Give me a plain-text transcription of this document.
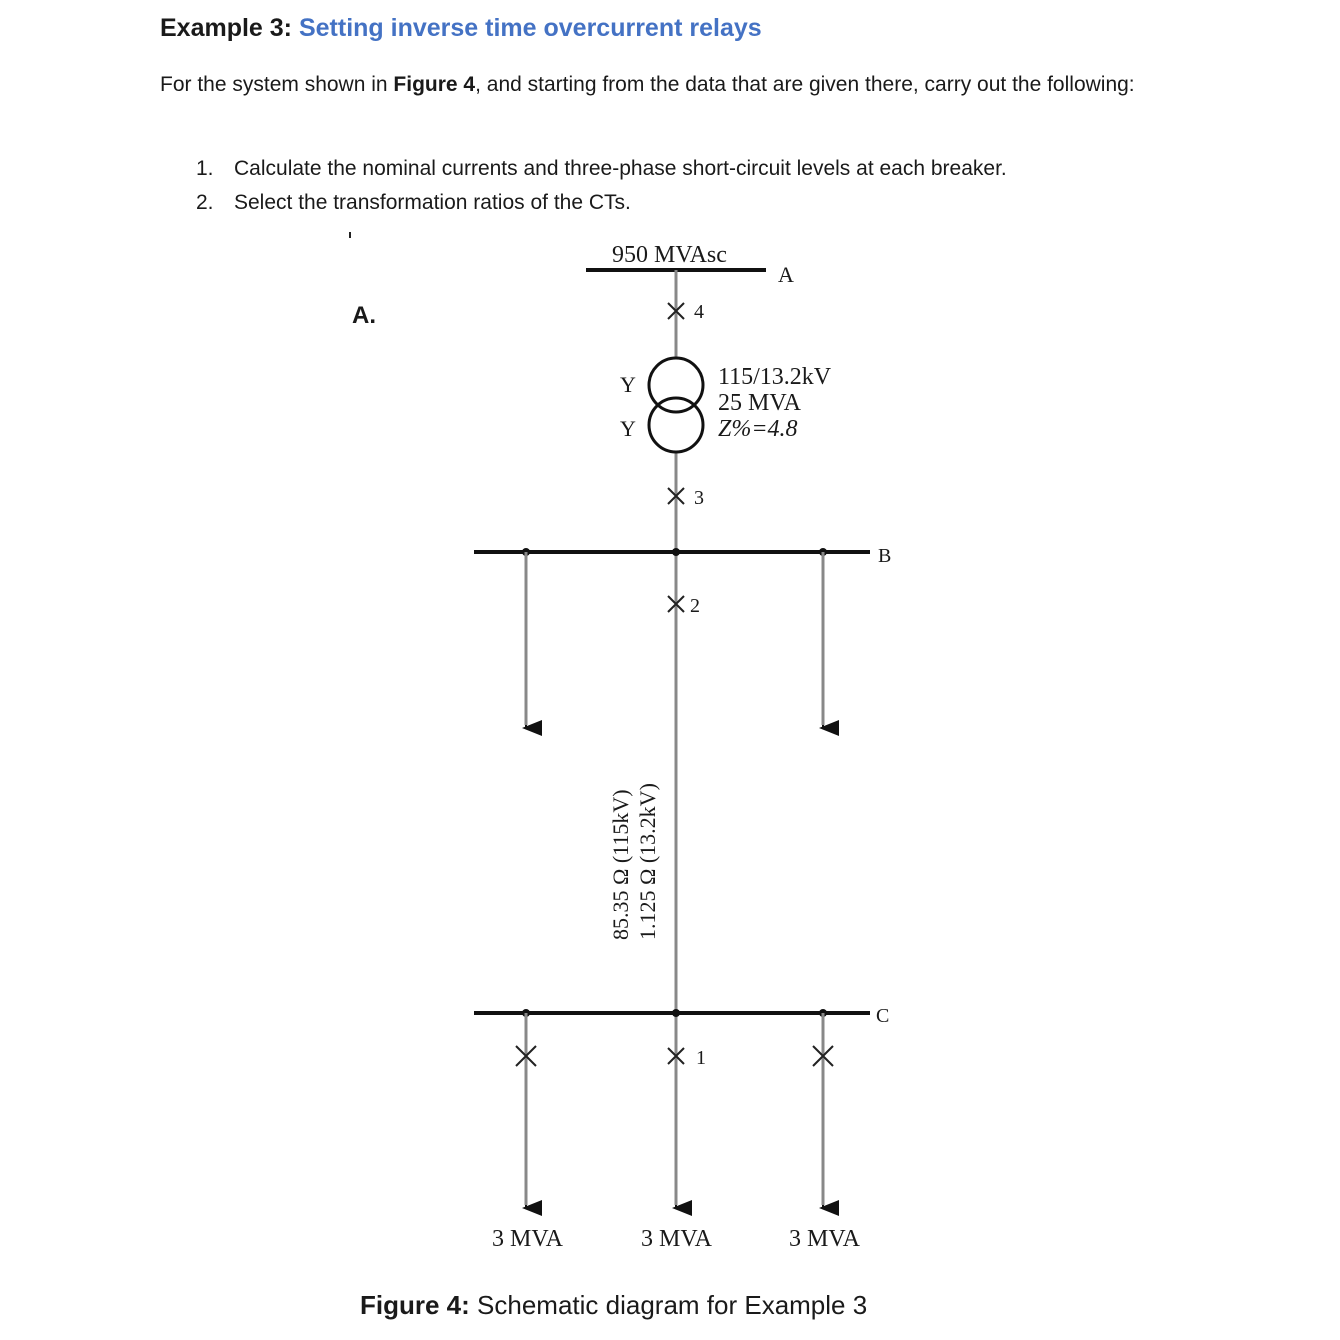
Example 3: Setting inverse time overcurrent relays
For the system shown in Figure 4, and starting from the data that are given there, carry out the following:
1. Calculate the nominal currents and three-phase short-circuit levels at each breaker.
2. Select the transformation ratios of the CTs.
A.
950 MVAsc
A
4
Y
Y
115/13.2kV
25 MVA
Z%=4.8
3
B
2
85.35 Ω (115kV) 1.125 Ω (13.2kV)
C
1
3 MVA	3 MVA	3 MVA
Figure 4: Schematic diagram for Example 3
